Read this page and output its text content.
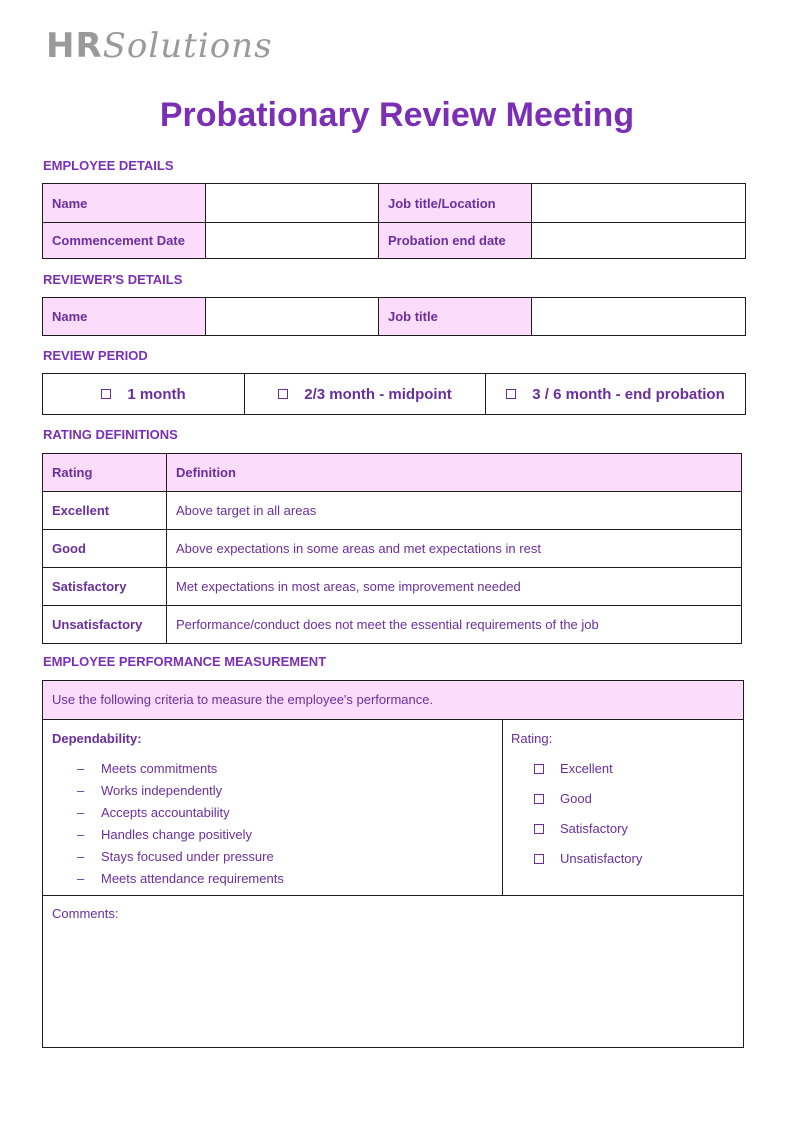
HRSolutions
Probationary Review Meeting
EMPLOYEE DETAILS
Name		Job title/Location	
Commencement Date		Probation end date	
REVIEWER'S DETAILS
Name		Job title	
REVIEW PERIOD
1 month	2/3 month - midpoint	3 / 6 month - end probation
RATING DEFINITIONS
Rating	Definition
Excellent	Above target in all areas
Good	Above expectations in some areas and met expectations in rest
Satisfactory	Met expectations in most areas, some improvement needed
Unsatisfactory	Performance/conduct does not meet the essential requirements of the job
EMPLOYEE PERFORMANCE MEASUREMENT
Use the following criteria to measure the employee's performance.
Dependability:
– Meets commitments
– Works independently
– Accepts accountability
– Handles change positively
– Stays focused under pressure
– Meets attendance requirements
Rating:
Excellent
Good
Satisfactory
Unsatisfactory
Comments:
